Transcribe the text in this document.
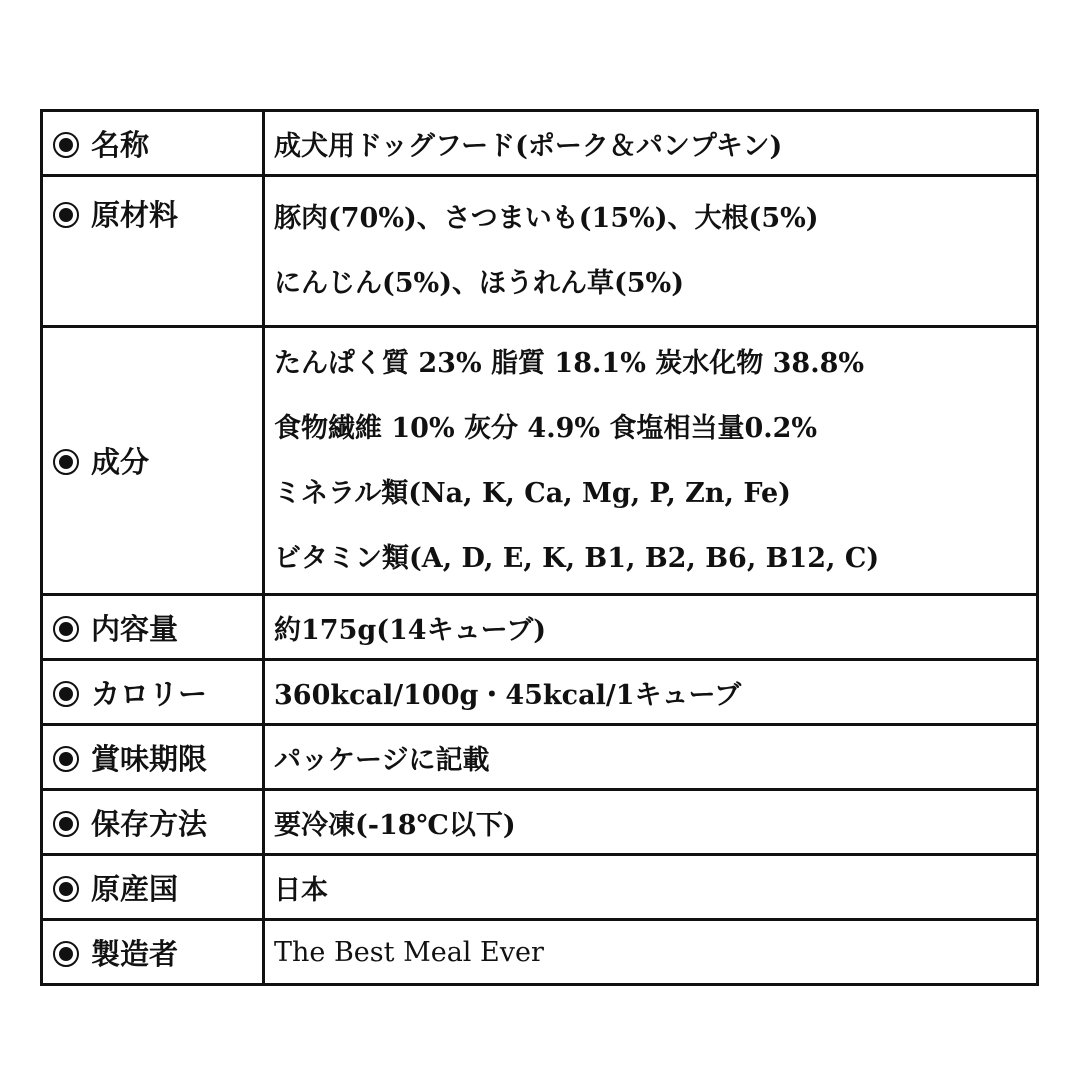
名称	成犬用ドッグフード(ポーク＆パンプキン)

原材料	豚肉(70%)、さつまいも(15%)、大根(5%)
にんじん(5%)、ほうれん草(5%)

成分	たんぱく質 23% 脂質 18.1% 炭水化物 38.8%
食物繊維 10% 灰分 4.9% 食塩相当量0.2%
ミネラル類(Na, K, Ca, Mg, P, Zn, Fe)
ビタミン類(A, D, E, K, B1, B2, B6, B12, C)

内容量	約175g(14キューブ)

カロリー	360kcal/100g・45kcal/1キューブ

賞味期限	パッケージに記載

保存方法	要冷凍(-18℃以下)

原産国	日本

製造者	The Best Meal Ever
